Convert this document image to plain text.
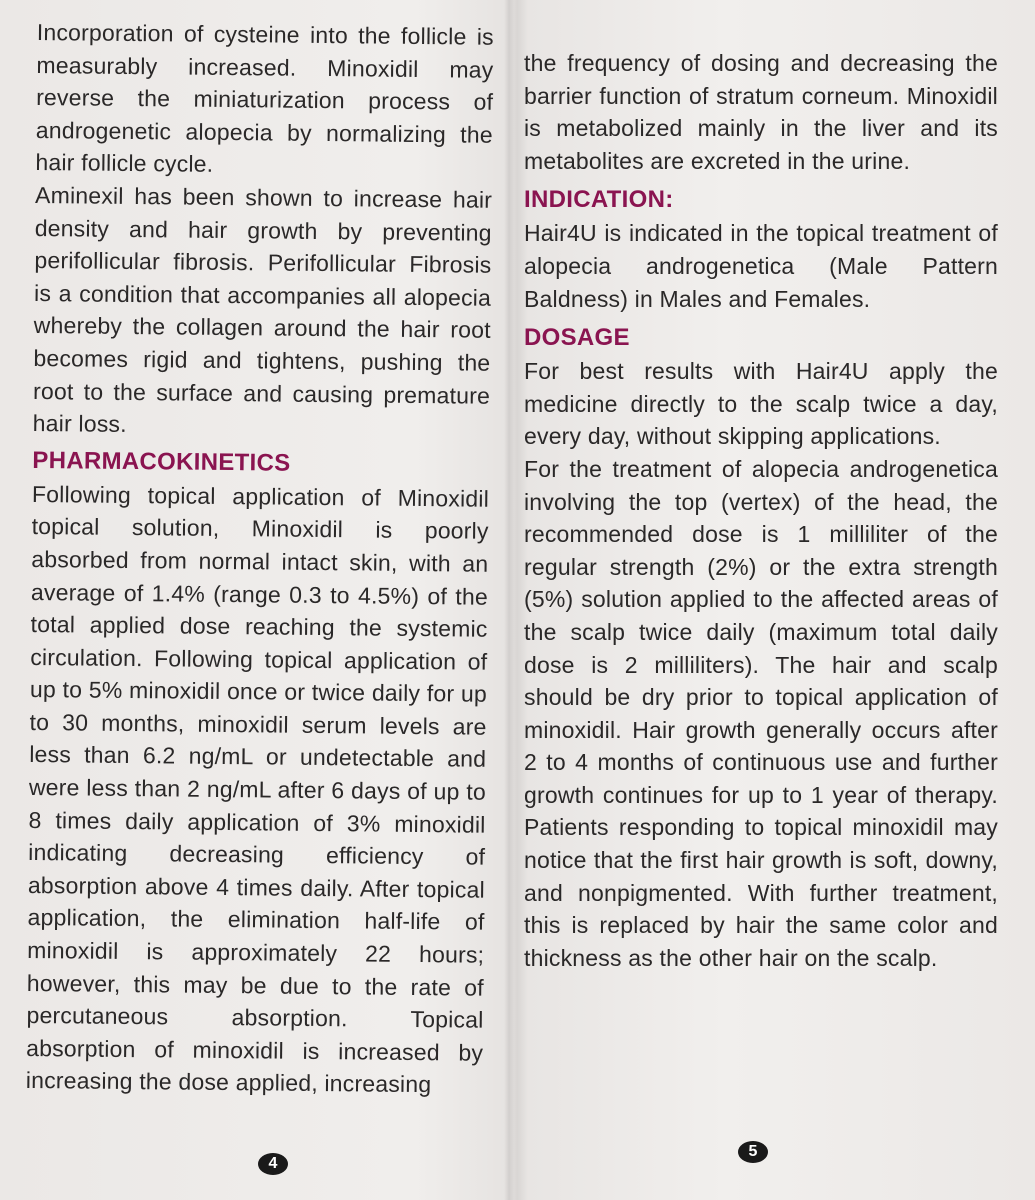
Incorporation of cysteine into the follicle is measurably increased. Minoxidil may reverse the miniaturization process of androgenetic alopecia by normalizing the hair follicle cycle.

Aminexil has been shown to increase hair density and hair growth by preventing perifollicular fibrosis. Perifollicular Fibrosis is a condition that accompanies all alopecia whereby the collagen around the hair root becomes rigid and tightens, pushing the root to the surface and causing premature hair loss.

PHARMACOKINETICS

Following topical application of Minoxidil topical solution, Minoxidil is poorly absorbed from normal intact skin, with an average of 1.4% (range 0.3 to 4.5%) of the total applied dose reaching the systemic circulation. Following topical application of up to 5% minoxidil once or twice daily for up to 30 months, minoxidil serum levels are less than 6.2 ng/mL or undetectable and were less than 2 ng/mL after 6 days of up to 8 times daily application of 3% minoxidil indicating decreasing efficiency of absorption above 4 times daily. After topical application, the elimination half-life of minoxidil is approximately 22 hours; however, this may be due to the rate of percutaneous absorption. Topical absorption of minoxidil is increased by increasing the dose applied, increasing

4

the frequency of dosing and decreasing the barrier function of stratum corneum. Minoxidil is metabolized mainly in the liver and its metabolites are excreted in the urine.

INDICATION:

Hair4U is indicated in the topical treatment of alopecia androgenetica (Male Pattern Baldness) in Males and Females.

DOSAGE

For best results with Hair4U apply the medicine directly to the scalp twice a day, every day, without skipping applications.

For the treatment of alopecia androgenetica involving the top (vertex) of the head, the recommended dose is 1 milliliter of the regular strength (2%) or the extra strength (5%) solution applied to the affected areas of the scalp twice daily (maximum total daily dose is 2 milliliters). The hair and scalp should be dry prior to topical application of minoxidil. Hair growth generally occurs after 2 to 4 months of continuous use and further growth continues for up to 1 year of therapy. Patients responding to topical minoxidil may notice that the first hair growth is soft, downy, and nonpigmented. With further treatment, this is replaced by hair the same color and thickness as the other hair on the scalp.

5
